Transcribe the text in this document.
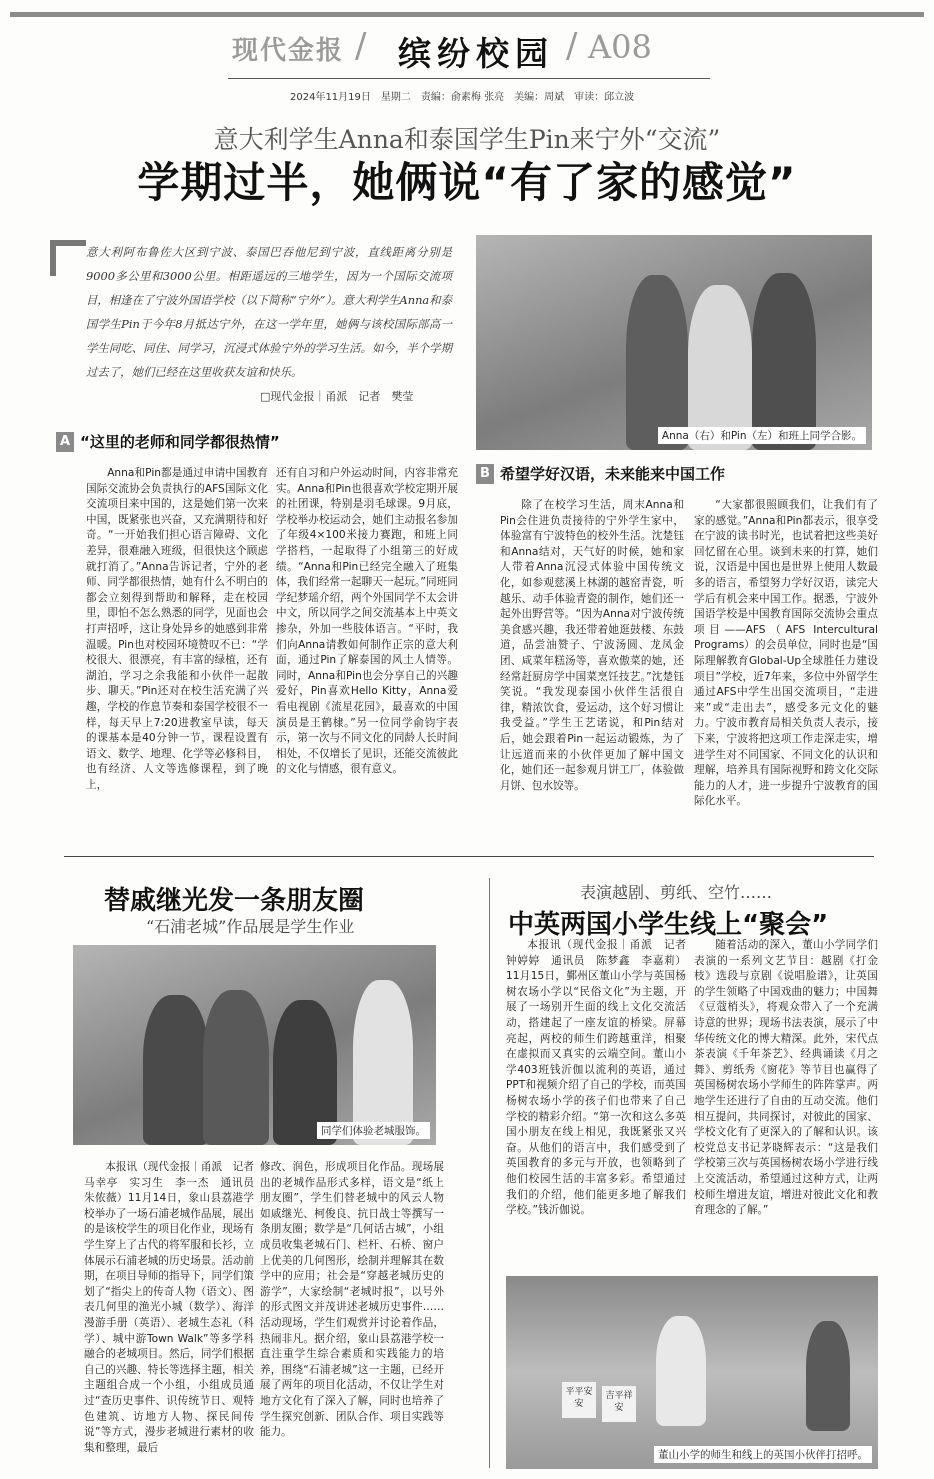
现代金报 / 缤纷校园 / A08
2024年11月19日　星期二　责编：俞素梅 张亮　美编：周斌　审读：邱立波
意大利学生Anna和泰国学生Pin来宁外“交流”
学期过半，她俩说“有了家的感觉”
意大利阿布鲁佐大区到宁波、泰国巴吞他尼到宁波，直线距离分别是9000多公里和3000公里。相距遥远的三地学生，因为一个国际交流项目，相逢在了宁波外国语学校（以下简称“宁外”）。意大利学生Anna和泰国学生Pin于今年8月抵达宁外，在这一学年里，她俩与该校国际部高一学生同吃、同住、同学习，沉浸式体验宁外的学习生活。如今，半个学期过去了，她们已经在这里收获友谊和快乐。
□现代金报｜甬派　记者　樊莹
Anna（右）和Pin（左）和班上同学合影。
A “这里的老师和同学都很热情”

Anna和Pin都是通过申请中国教育国际交流协会负责执行的AFS国际文化交流项目来中国的，这是她们第一次来中国，既紧张也兴奋，又充满期待和好奇。“一开始我们担心语言障碍、文化差异，很难融入班级，但很快这个顾虑就打消了。”Anna告诉记者，宁外的老师、同学都很热情，她有什么不明白的都会立刻得到帮助和解释，走在校园里，即怕不怎么熟悉的同学，见面也会打声招呼，这让身处异乡的她感到非常温暖。Pin也对校园环境赞叹不已：“学校很大、很漂亮，有丰富的绿植，还有湖泊，学习之余我能和小伙伴一起散步、聊天。”Pin还对在校生活充满了兴趣，学校的作息节奏和泰国学校很不一样，每天早上7:20进教室早读，每天的课基本是40分钟一节，课程设置有语文、数学、地理、化学等必修科目，也有经济、人文等选修课程，到了晚上，

还有自习和户外运动时间，内容非常充实。Anna和Pin也很喜欢学校定期开展的社团课，特别是羽毛球课。9月底，学校举办校运动会，她们主动报名参加了年级4×100米接力赛跑，和班上同学搭档，一起取得了小组第三的好成绩。“Anna和Pin已经完全融入了班集体，我们经常一起聊天一起玩。”同班同学纪梦瑶介绍，两个外国同学不太会讲中文，所以同学之间交流基本上中英文掺杂，外加一些肢体语言。“平时，我们向Anna请教如何制作正宗的意大利面，通过Pin了解泰国的风土人情等。同时，Anna和Pin也会分享自己的兴趣爱好，Pin喜欢Hello Kitty，Anna爱看电视剧《流星花园》，最喜欢的中国演员是王鹤棣。”另一位同学俞钧宇表示，第一次与不同文化的同龄人长时间相处，不仅增长了见识，还能交流彼此的文化与情感，很有意义。

B 希望学好汉语，未来能来中国工作

除了在校学习生活，周末Anna和Pin会住进负责接待的宁外学生家中，体验富有宁波特色的校外生活。沈楚钰和Anna结对，天气好的时候，她和家人带着Anna沉浸式体验中国传统文化，如参观慈溪上林湖的越窑青瓷，听越乐、动手体验青瓷的制作，她们还一起外出野营等。“因为Anna对宁波传统美食感兴趣，我还带着她逛鼓楼、东鼓道，品尝油赞子、宁波汤圆、龙凤金团、咸菜年糕汤等，喜欢傲菜的她，还经常赶厨房学中国菜烹饪技艺。”沈楚钰笑说。“我发现泰国小伙伴生活很自律，精浓饮食，爱运动，这个好习惯让我受益。”学生王艺诺说，和Pin结对后，她会跟着Pin一起运动锻炼，为了让远道而来的小伙伴更加了解中国文化，她们还一起参观月饼工厂，体验做月饼、包水饺等。

“大家都很照顾我们，让我们有了家的感觉。”Anna和Pin都表示，很享受在宁波的读书时光，也试着把这些美好回忆留在心里。谈到未来的打算，她们说，汉语是中国也是世界上使用人数最多的语言，希望努力学好汉语，读完大学后有机会来中国工作。据悉，宁波外国语学校是中国教育国际交流协会重点项目——AFS（AFS Intercultural Programs）的会员单位，同时也是“国际理解教育Global-Up全球胜任力建设项目”学校，近7年来，多位中外留学生通过AFS中学生出国交流项目，“走进来”或“走出去”，感受多元文化的魅力。宁波市教育局相关负责人表示，接下来，宁波将把这项工作走深走实，增进学生对不同国家、不同文化的认识和理解，培养具有国际视野和跨文化交际能力的人才，进一步提升宁波教育的国际化水平。

替戚继光发一条朋友圈
“石浦老城”作品展是学生作业
同学们体验老城服饰。

本报讯（现代金报｜甬派　记者　马幸亭　实习生　李一杰　通讯员　朱侬薇）11月14日，象山县荔港学校举办了一场石浦老城作品展，展出的是该校学生的项目化作业，现场有学生穿上了古代的将军服和长衫，立体展示石浦老城的历史场景。活动前期，在项目导师的指导下，同学们策划了“指尖上的传奇人物（语文）、图表几何里的渔光小城（数学）、海洋漫游手册（英语）、老城生态礼（科学）、城中游Town Walk”等多学科融合的老城项目。然后，同学们根据自己的兴趣、特长等选择主题，相关主题组合成一个小组，小组成员通过“查历史事件、识传统节日、观特色建筑、访地方人物、探民间传说”等方式，漫步老城进行素材的收集和整理，最后

修改、润色，形成项目化作品。现场展出的老城作品形式多样，语文是“纸上朋友圈”，学生们替老城中的风云人物如戚继光、柯俊良、抗日战士等撰写一条朋友圈；数学是“几何话古城”，小组成员收集老城石门、栏杆、石桥、窗户上优美的几何图形，绘制并理解其在数学中的应用；社会是“穿越老城历史的游学”，大家绘制“老城时报”，以号外的形式图文并茂讲述老城历史事件……活动现场，学生们观赏并讨论着作品，热闹非凡。据介绍，象山县荔港学校一直注重学生综合素质和实践能力的培养，围绕“石浦老城”这一主题，已经开展了两年的项目化活动，不仅让学生对地方文化有了深入了解，同时也培养了学生探究创新、团队合作、项目实践等能力。

表演越剧、剪纸、空竹……
中英两国小学生线上“聚会”

本报讯（现代金报｜甬派　记者　钟婷婷　通讯员　陈梦鑫　李嘉莉）11月15日，鄞州区董山小学与英国杨树农场小学以“民俗文化”为主题，开展了一场别开生面的线上文化交流活动，搭建起了一座友谊的桥梁。屏幕亮起，两校的师生们跨越重洋，相聚在虚拟而又真实的云端空间。董山小学403班钱沂伽以流利的英语，通过PPT和视频介绍了自己的学校，而英国杨树农场小学的孩子们也带来了自己学校的精彩介绍。“第一次和这么多英国小朋友在线上相见，我既紧张又兴奋。从他们的语言中，我们感受到了英国教育的多元与开放，也领略到了他们校园生活的丰富多彩。希望通过我们的介绍，他们能更多地了解我们学校。”钱沂伽说。

随着活动的深入，董山小学同学们表演的一系列文艺节目：越剧《打金枝》选段与京剧《说唱脸谱》，让英国的学生领略了中国戏曲的魅力；中国舞《豆蔻梢头》，将观众带入了一个充满诗意的世界；现场书法表演，展示了中华传统文化的博大精深。此外，宋代点茶表演《千年茶艺》、经典诵读《月之舞》、剪纸秀《窗花》等节目也赢得了英国杨树农场小学师生的阵阵掌声。两地学生还进行了自由的互动交流。他们相互提问，共同探讨，对彼此的国家、学校文化有了更深入的了解和认识。该校党总支书记茅晓辉表示：“这是我们学校第三次与英国杨树农场小学进行线上交流活动，希望通过这种方式，让两校师生增进友谊，增进对彼此文化和教育理念的了解。”

平平安安
吉平祥安
董山小学的师生和线上的英国小伙伴打招呼。
